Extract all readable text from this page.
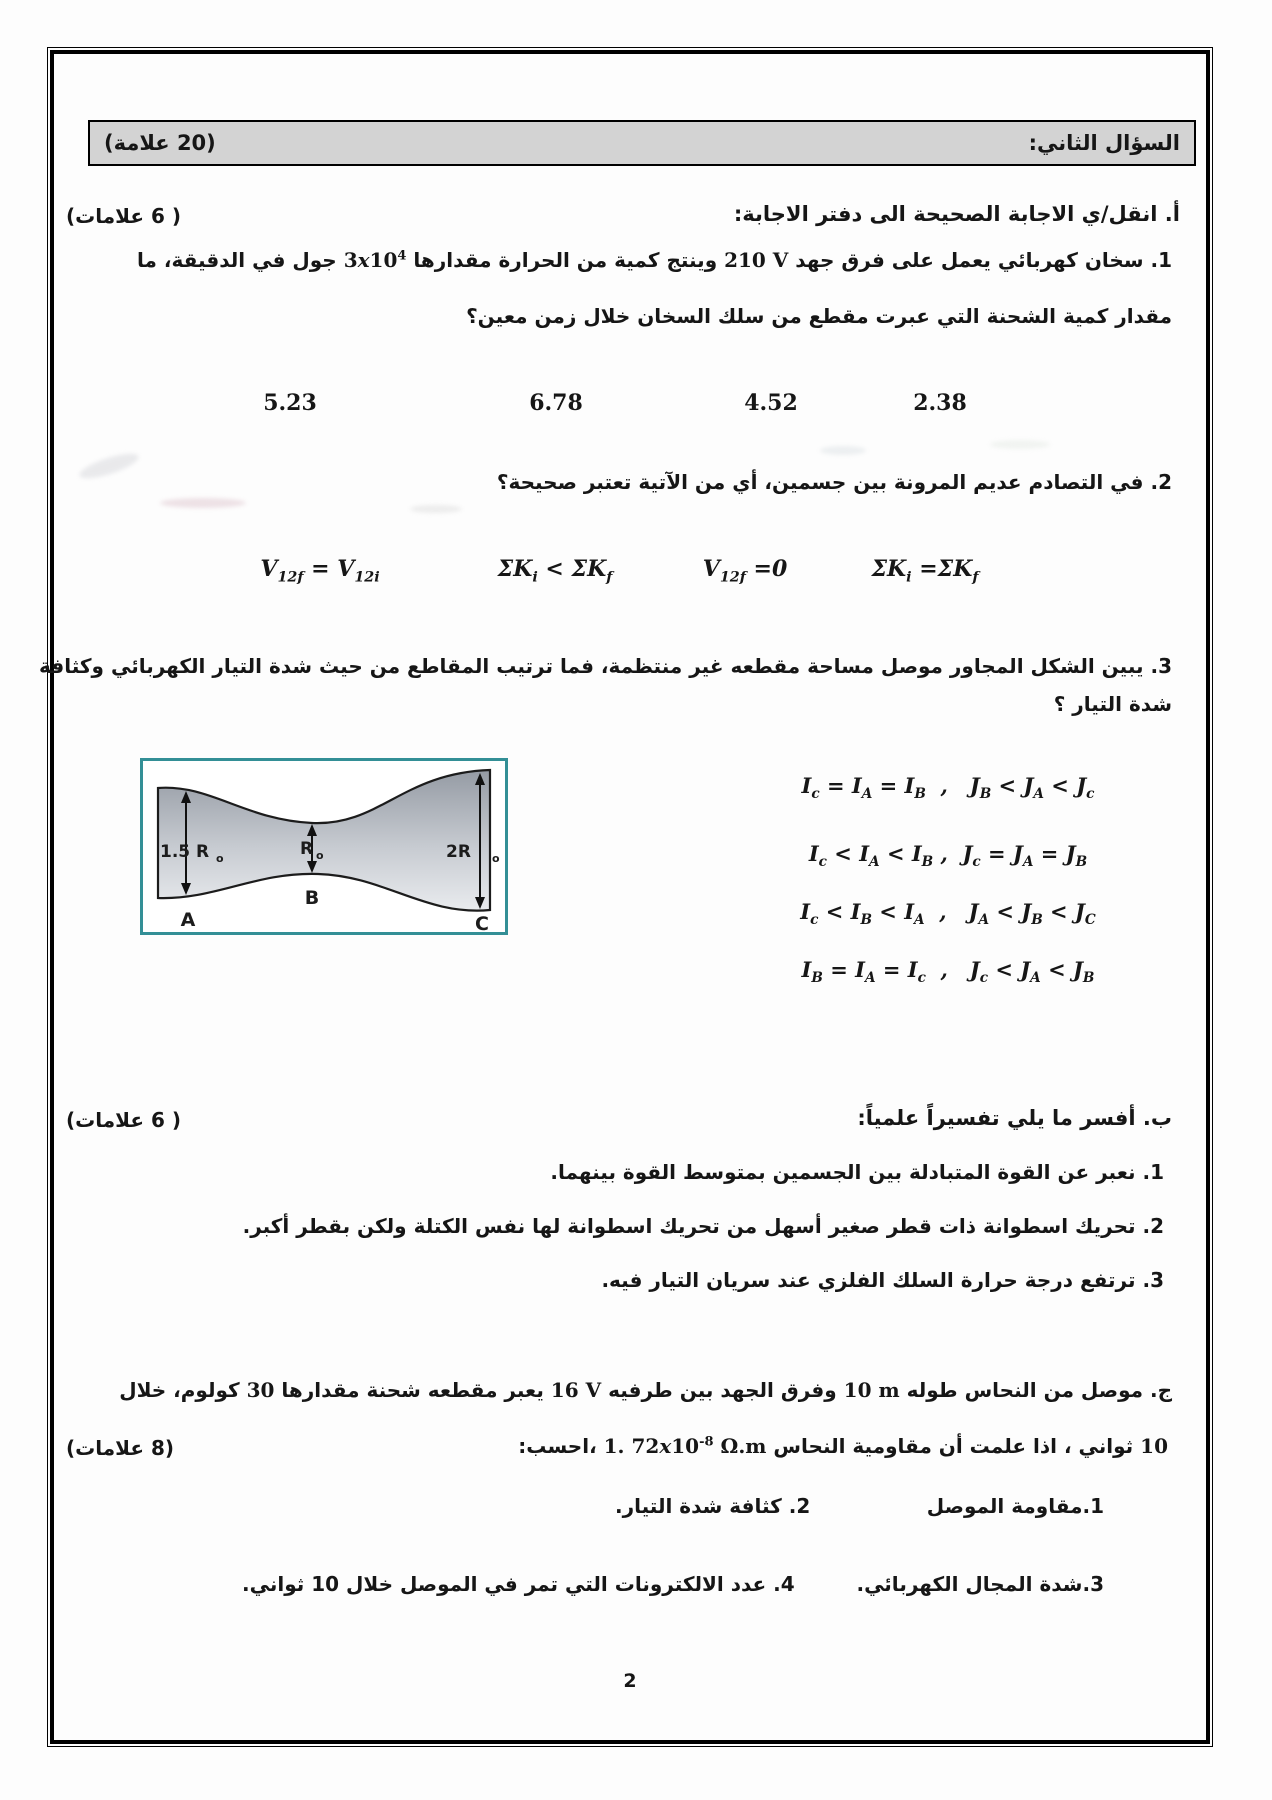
السؤال الثاني:
(20 علامة)
أ. انقل/ي الاجابة الصحيحة الى دفتر الاجابة:
( 6 علامات)
1. سخان كهربائي يعمل على فرق جهد 210 V وينتج كمية من الحرارة مقدارها $3x10^4$ جول في الدقيقة، ما
مقدار كمية الشحنة التي عبرت مقطع من سلك السخان خلال زمن معين؟
5.23	6.78	4.52	2.38
2. في التصادم عديم المرونة بين جسمين، أي من الآتية تعتبر صحيحة؟
$V_{12f} = V_{12i}$	$\Sigma K_i < \Sigma K_f$	$V_{12f} =0$	$\Sigma K_i =\Sigma K_f$
3. يبين الشكل المجاور موصل مساحة مقطعه غير منتظمة، فما ترتيب المقاطع من حيث شدة التيار الكهربائي وكثافة
شدة التيار ؟
1.5 R o	R o	2R o
A
B
C
$I_c = I_A = I_B$  ,   $J_B < J_A < J_c$
$I_c < I_A < I_B$ ,  $J_c = J_A = J_B$
$I_c < I_B < I_A$  ,   $J_A < J_B < J_C$
$I_B = I_A = I_c$  ,   $J_c < J_A < J_B$
ب. أفسر ما يلي تفسيراً علمياً:
( 6 علامات)
1. نعبر عن القوة المتبادلة بين الجسمين بمتوسط القوة بينهما.
2. تحريك اسطوانة ذات قطر صغير أسهل من تحريك اسطوانة لها نفس الكتلة ولكن بقطر أكبر.
3. ترتفع درجة حرارة السلك الفلزي عند سريان التيار فيه.
ج. موصل من النحاس طوله 10 m وفرق الجهد بين طرفيه 16 V يعبر مقطعه شحنة مقدارها 30 كولوم، خلال
10 ثواني ، اذا علمت أن مقاومية النحاس 1. $72x10^{-8}$ Ω.m ،احسب:
(8 علامات)
1.مقاومة الموصل
2. كثافة شدة التيار.
3.شدة المجال الكهربائي.
4. عدد الالكترونات التي تمر في الموصل خلال 10 ثواني.
2
